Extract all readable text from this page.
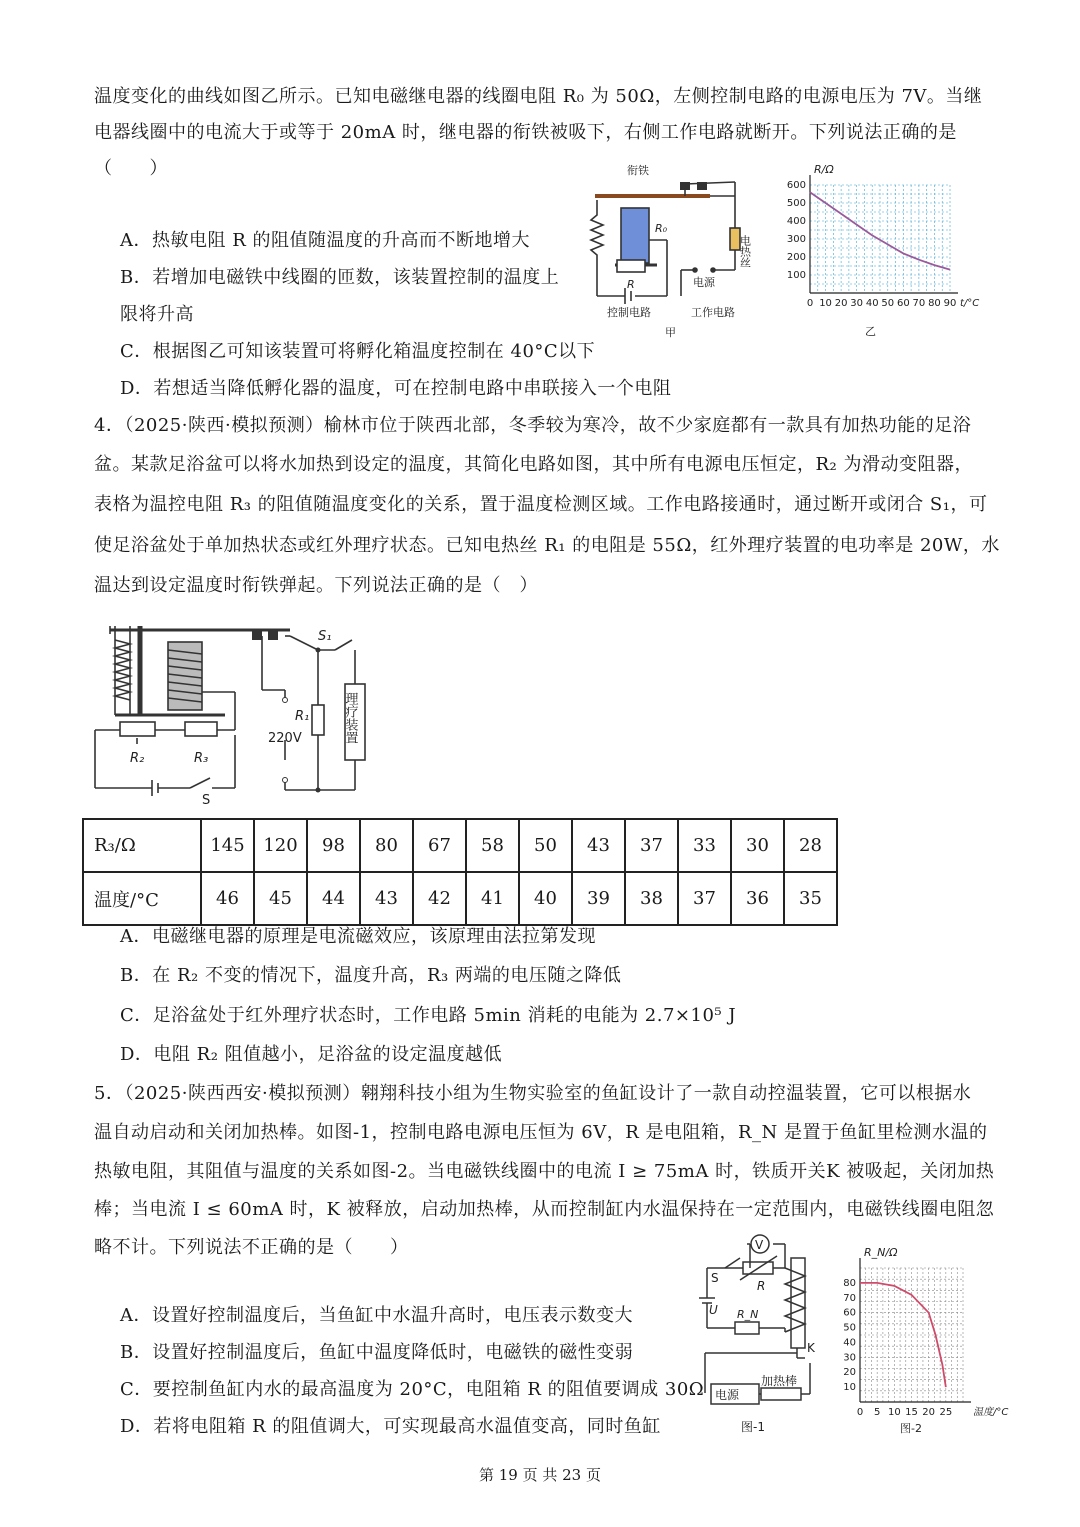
温度变化的曲线如图乙所示。已知电磁继电器的线圈电阻 R₀ 为 50Ω，左侧控制电路的电源电压为 7V。当继
电器线圈中的电流大于或等于 20mA 时，继电器的衔铁被吸下，右侧工作电路就断开。下列说法正确的是
（　　）
A．热敏电阻 R 的阻值随温度的升高而不断地增大
B．若增加电磁铁中线圈的匝数，该装置控制的温度上
限将升高
C．根据图乙可知该装置可将孵化箱温度控制在 40°C以下
D．若想适当降低孵化器的温度，可在控制电路中串联接入一个电阻
衔铁
R₀
R
电热丝
电源
控制电路	工作电路
甲
0 10 20 30 40 50 60 70 80 90
100
200
300
400
500
600
R/Ω
t/°C
乙
4．（2025·陕西·模拟预测）榆林市位于陕西北部，冬季较为寒冷，故不少家庭都有一款具有加热功能的足浴
盆。某款足浴盆可以将水加热到设定的温度，其简化电路如图，其中所有电源电压恒定，R₂ 为滑动变阻器，
表格为温控电阻 R₃ 的阻值随温度变化的关系，置于温度检测区域。工作电路接通时，通过断开或闭合 S₁，可
使足浴盆处于单加热状态或红外理疗状态。已知电热丝 R₁ 的电阻是 55Ω，红外理疗装置的电功率是 20W，水
温达到设定温度时衔铁弹起。下列说法正确的是（　）
S₁
R₁
220V	理疗装置
R₂	R₃
S
R₃/Ω	145	120	98	80	67	58	50	43	37	33	30	28
温度/°C	46	45	44	43	42	41	40	39	38	37	36	35
A．电磁继电器的原理是电流磁效应，该原理由法拉第发现
B．在 R₂ 不变的情况下，温度升高，R₃ 两端的电压随之降低
C．足浴盆处于红外理疗状态时，工作电路 5min 消耗的电能为 2.7×10⁵ J
D．电阻 R₂ 阻值越小，足浴盆的设定温度越低
5．（2025·陕西西安·模拟预测）翱翔科技小组为生物实验室的鱼缸设计了一款自动控温装置，它可以根据水
温自动启动和关闭加热棒。如图-1，控制电路电源电压恒为 6V，R 是电阻箱，R_N 是置于鱼缸里检测水温的
热敏电阻，其阻值与温度的关系如图-2。当电磁铁线圈中的电流 I ≥ 75mA 时，铁质开关K 被吸起，关闭加热
棒；当电流 I ≤ 60mA 时，K 被释放，启动加热棒，从而控制缸内水温保持在一定范围内，电磁铁线圈电阻忽
略不计。下列说法不正确的是（　　）
A．设置好控制温度后，当鱼缸中水温升高时，电压表示数变大
B．设置好控制温度后，鱼缸中温度降低时，电磁铁的磁性变弱
C．要控制鱼缸内水的最高温度为 20°C，电阻箱 R 的阻值要调成 30Ω
D．若将电阻箱 R 的阻值调大，可实现最高水温值变高，同时鱼缸
V
S
R
U R_N
K
电源
加热棒
图-1
0 5 10 15 20 25
10
20
30
40
50
60
70
80
R_N/Ω
温度/°C
图-2
第 19 页 共 23 页
